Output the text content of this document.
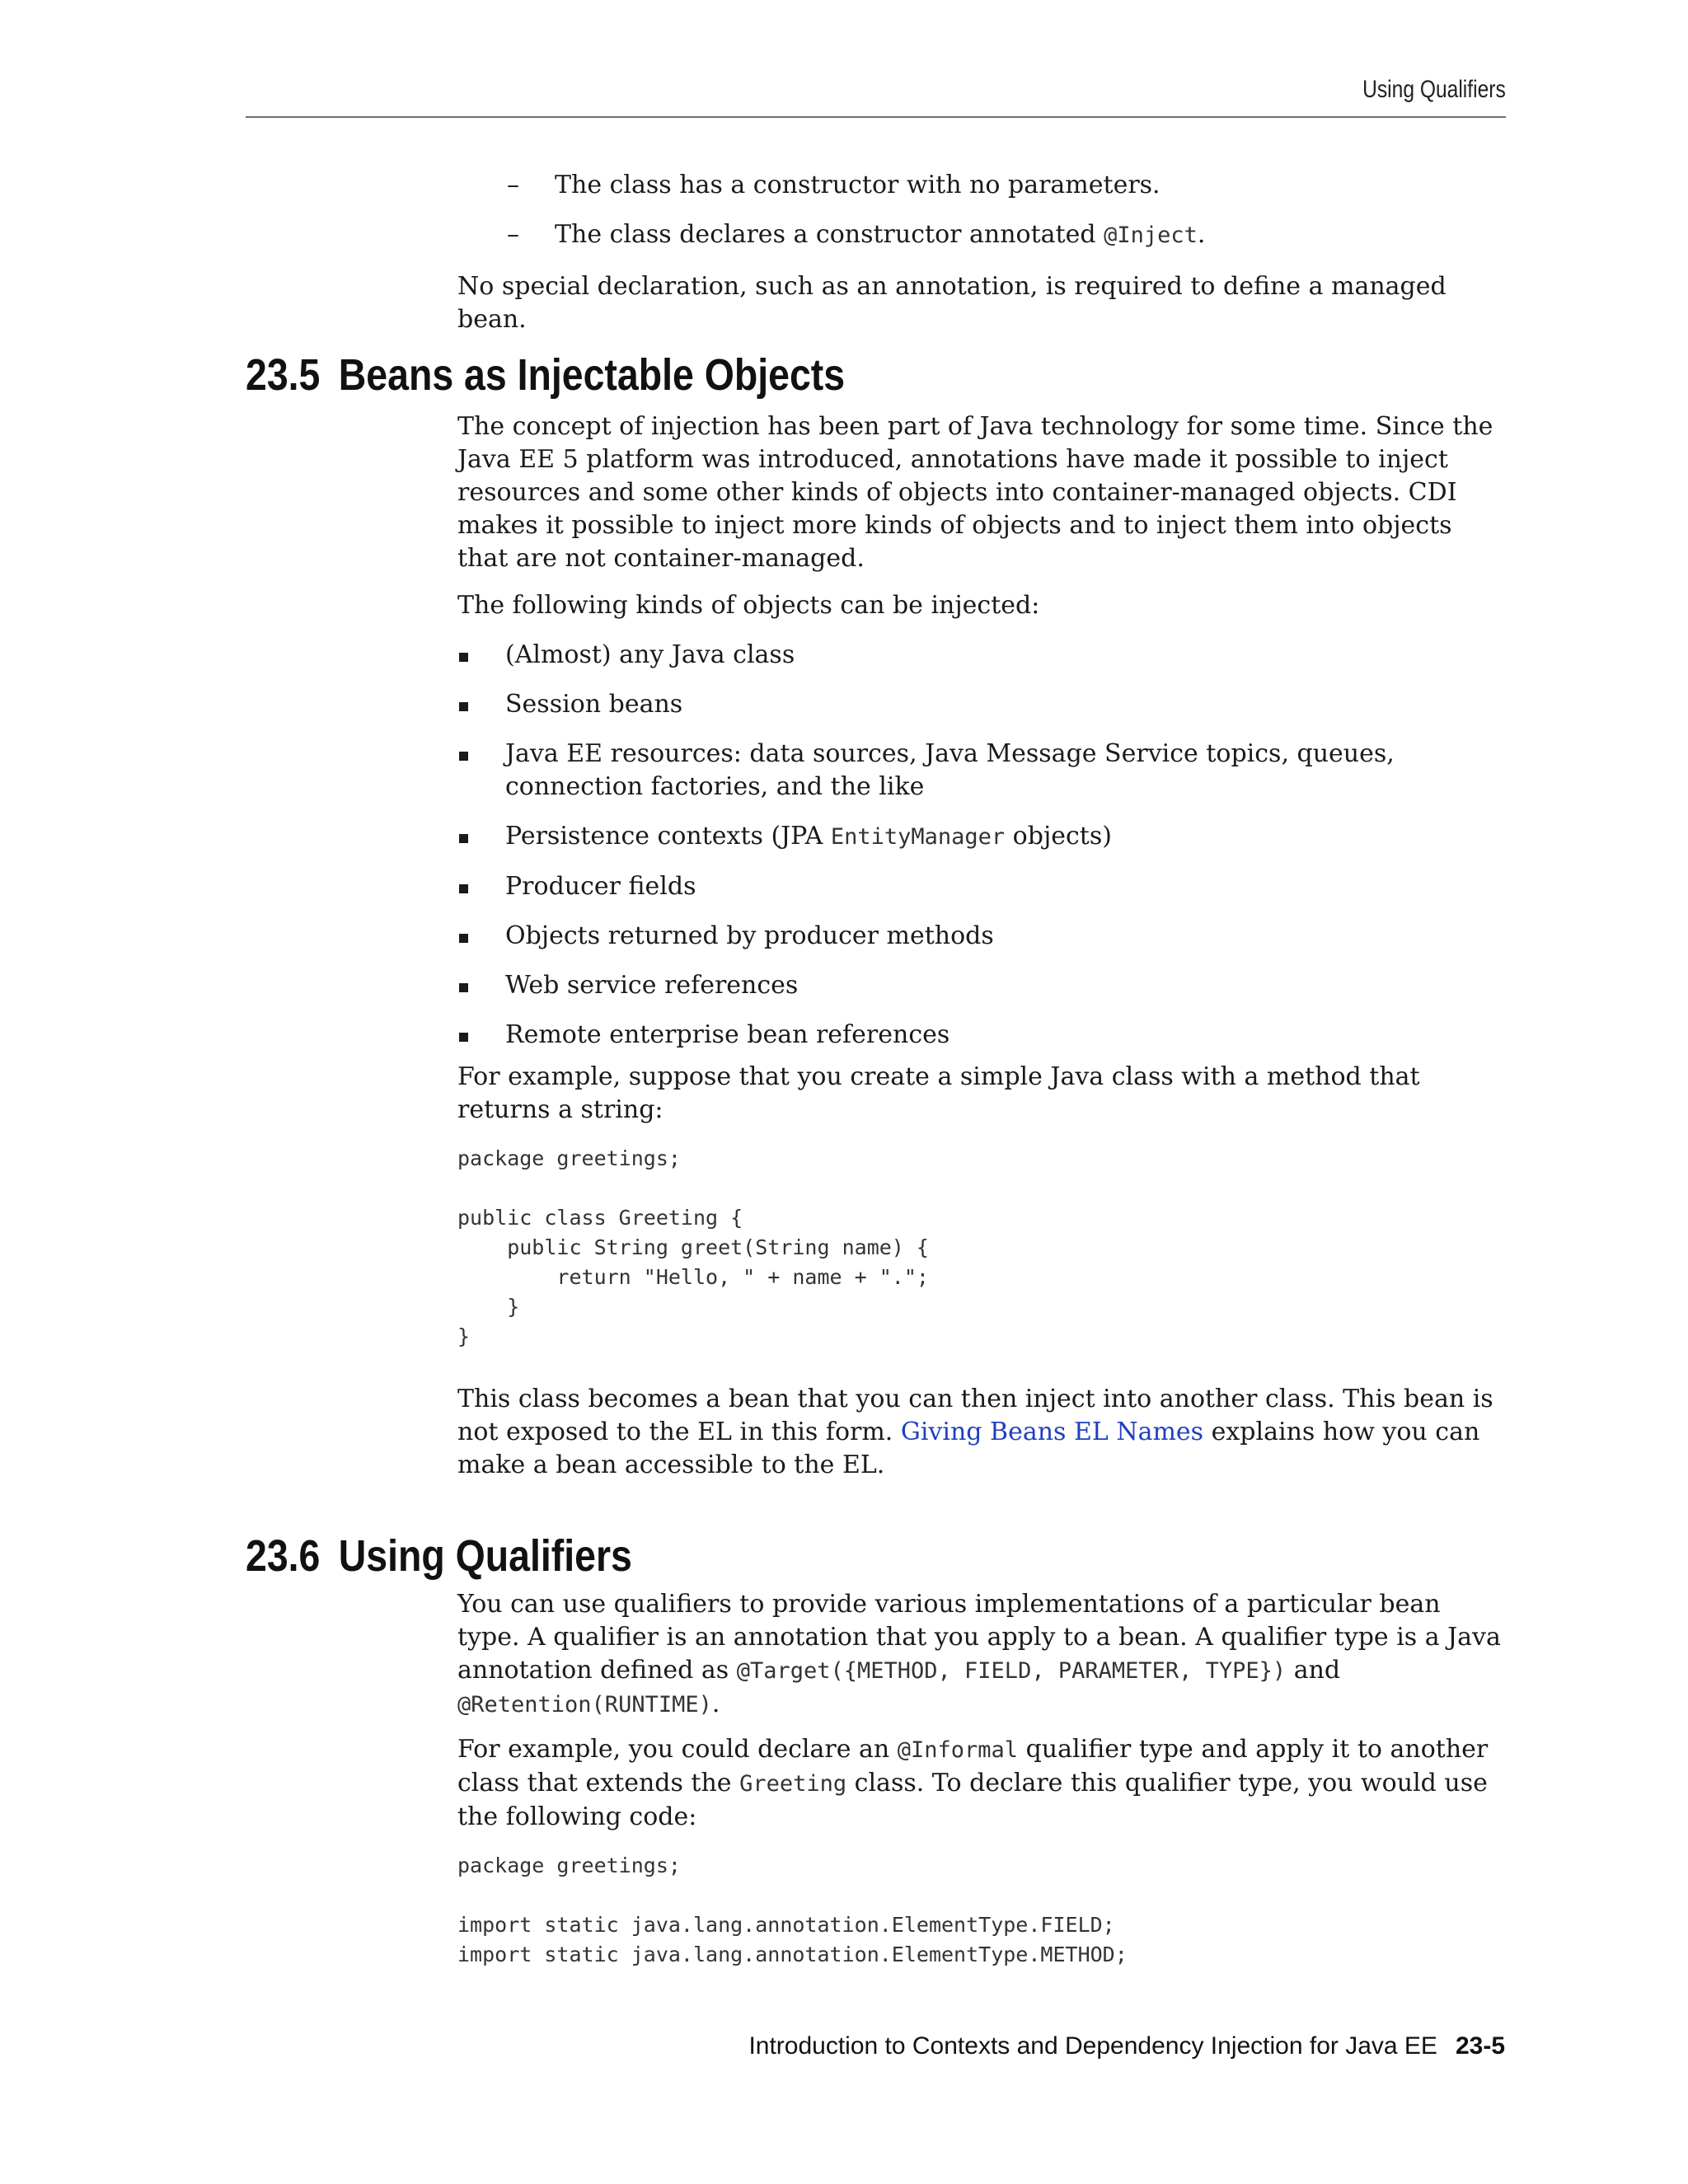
Using Qualifiers
– The class has a constructor with no parameters.
– The class declares a constructor annotated @Inject.

No special declaration, such as an annotation, is required to define a managed bean.

23.5 Beans as Injectable Objects

The concept of injection has been part of Java technology for some time. Since the Java EE 5 platform was introduced, annotations have made it possible to inject resources and some other kinds of objects into container-managed objects. CDI makes it possible to inject more kinds of objects and to inject them into objects that are not container-managed.

The following kinds of objects can be injected:

(Almost) any Java class
Session beans
Java EE resources: data sources, Java Message Service topics, queues, connection factories, and the like
Persistence contexts (JPA EntityManager objects)
Producer fields
Objects returned by producer methods
Web service references
Remote enterprise bean references

For example, suppose that you create a simple Java class with a method that returns a string:

package greetings;

public class Greeting {
public String greet(String name) {
return "Hello, " + name + ".";
}
}

This class becomes a bean that you can then inject into another class. This bean is not exposed to the EL in this form. Giving Beans EL Names explains how you can make a bean accessible to the EL.

23.6 Using Qualifiers

You can use qualifiers to provide various implementations of a particular bean type. A qualifier is an annotation that you apply to a bean. A qualifier type is a Java annotation defined as @Target({METHOD, FIELD, PARAMETER, TYPE}) and @Retention(RUNTIME).

For example, you could declare an @Informal qualifier type and apply it to another class that extends the Greeting class. To declare this qualifier type, you would use the following code:

package greetings;

import static java.lang.annotation.ElementType.FIELD;
import static java.lang.annotation.ElementType.METHOD;
Introduction to Contexts and Dependency Injection for Java EE 23-5
